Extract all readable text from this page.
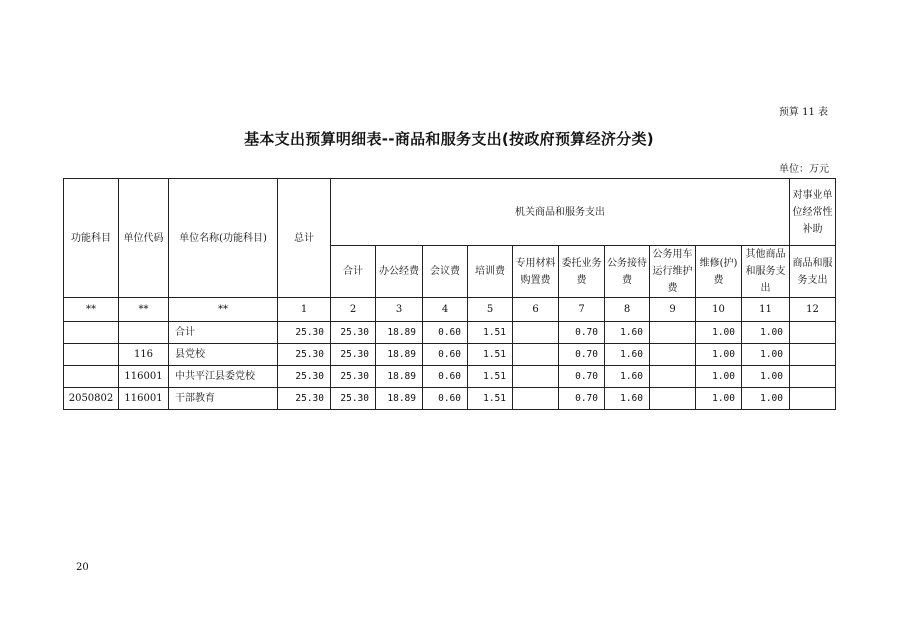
预算 11 表
基本支出预算明细表--商品和服务支出(按政府预算经济分类)
单位：万元
功能科目	单位代码	单位名称(功能科目)	总计	机关商品和服务支出										对事业单位经常性补助
				合计	办公经费	会议费	培训费	专用材料购置费	委托业务费	公务接待费	公务用车运行维护费	维修(护)费	其他商品和服务支出	商品和服务支出
**	**	**	1	2	3	4	5	6	7	8	9	10	11	12
		合计	25.30	25.30	18.89	0.60	1.51		0.70	1.60		1.00	1.00	
	116	县党校	25.30	25.30	18.89	0.60	1.51		0.70	1.60		1.00	1.00	
	116001	中共平江县委党校	25.30	25.30	18.89	0.60	1.51		0.70	1.60		1.00	1.00	
2050802	116001	干部教育	25.30	25.30	18.89	0.60	1.51		0.70	1.60		1.00	1.00	
20
